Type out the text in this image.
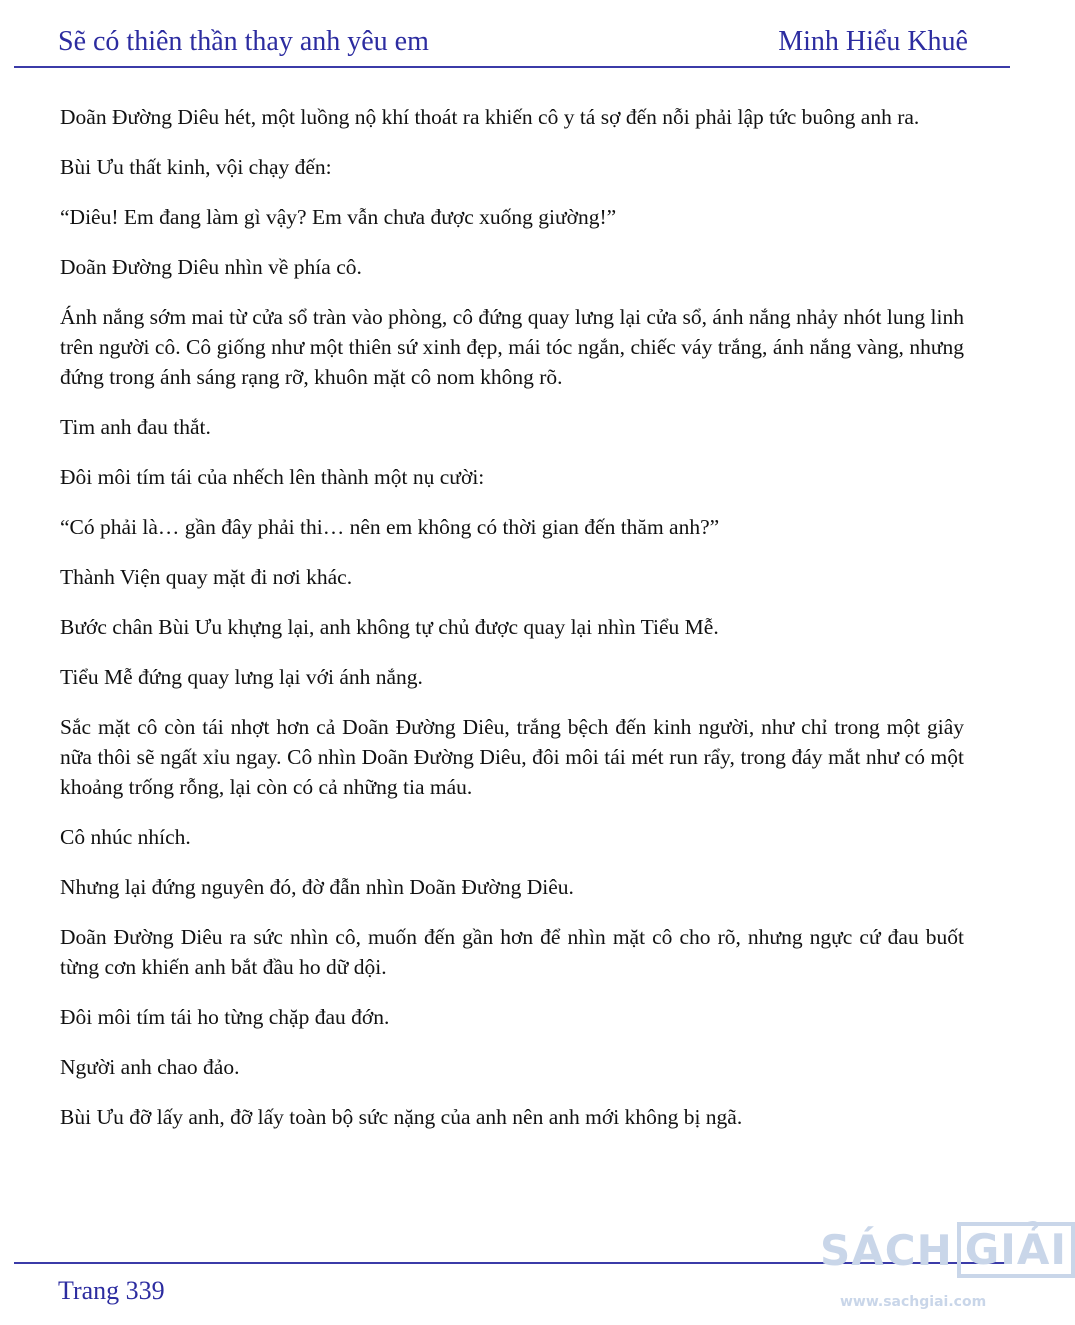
Sẽ có thiên thần thay anh yêu em	Minh Hiểu Khuê

Doãn Đường Diêu hét, một luồng nộ khí thoát ra khiến cô y tá sợ đến nỗi phải lập tức buông anh ra.

Bùi Ưu thất kinh, vội chạy đến:

“Diêu! Em đang làm gì vậy? Em vẫn chưa được xuống giường!”

Doãn Đường Diêu nhìn về phía cô.

Ánh nắng sớm mai từ cửa sổ tràn vào phòng, cô đứng quay lưng lại cửa sổ, ánh nắng nhảy nhót lung linh trên người cô. Cô giống như một thiên sứ xinh đẹp, mái tóc ngắn, chiếc váy trắng, ánh nắng vàng, nhưng đứng trong ánh sáng rạng rỡ, khuôn mặt cô nom không rõ.

Tim anh đau thắt.

Đôi môi tím tái của nhếch lên thành một nụ cười:

“Có phải là… gần đây phải thi… nên em không có thời gian đến thăm anh?”

Thành Viện quay mặt đi nơi khác.

Bước chân Bùi Ưu khựng lại, anh không tự chủ được quay lại nhìn Tiểu Mễ.

Tiểu Mễ đứng quay lưng lại với ánh nắng.

Sắc mặt cô còn tái nhợt hơn cả Doãn Đường Diêu, trắng bệch đến kinh người, như chỉ trong một giây nữa thôi sẽ ngất xỉu ngay. Cô nhìn Doãn Đường Diêu, đôi môi tái mét run rẩy, trong đáy mắt như có một khoảng trống rỗng, lại còn có cả những tia máu.

Cô nhúc nhích.

Nhưng lại đứng nguyên đó, đờ đẫn nhìn Doãn Đường Diêu.

Doãn Đường Diêu ra sức nhìn cô, muốn đến gần hơn để nhìn mặt cô cho rõ, nhưng ngực cứ đau buốt từng cơn khiến anh bắt đầu ho dữ dội.

Đôi môi tím tái ho từng chặp đau đớn.

Người anh chao đảo.

Bùi Ưu đỡ lấy anh, đỡ lấy toàn bộ sức nặng của anh nên anh mới không bị ngã.

Trang 339
SÁCH GIẢI
www.sachgiai.com
